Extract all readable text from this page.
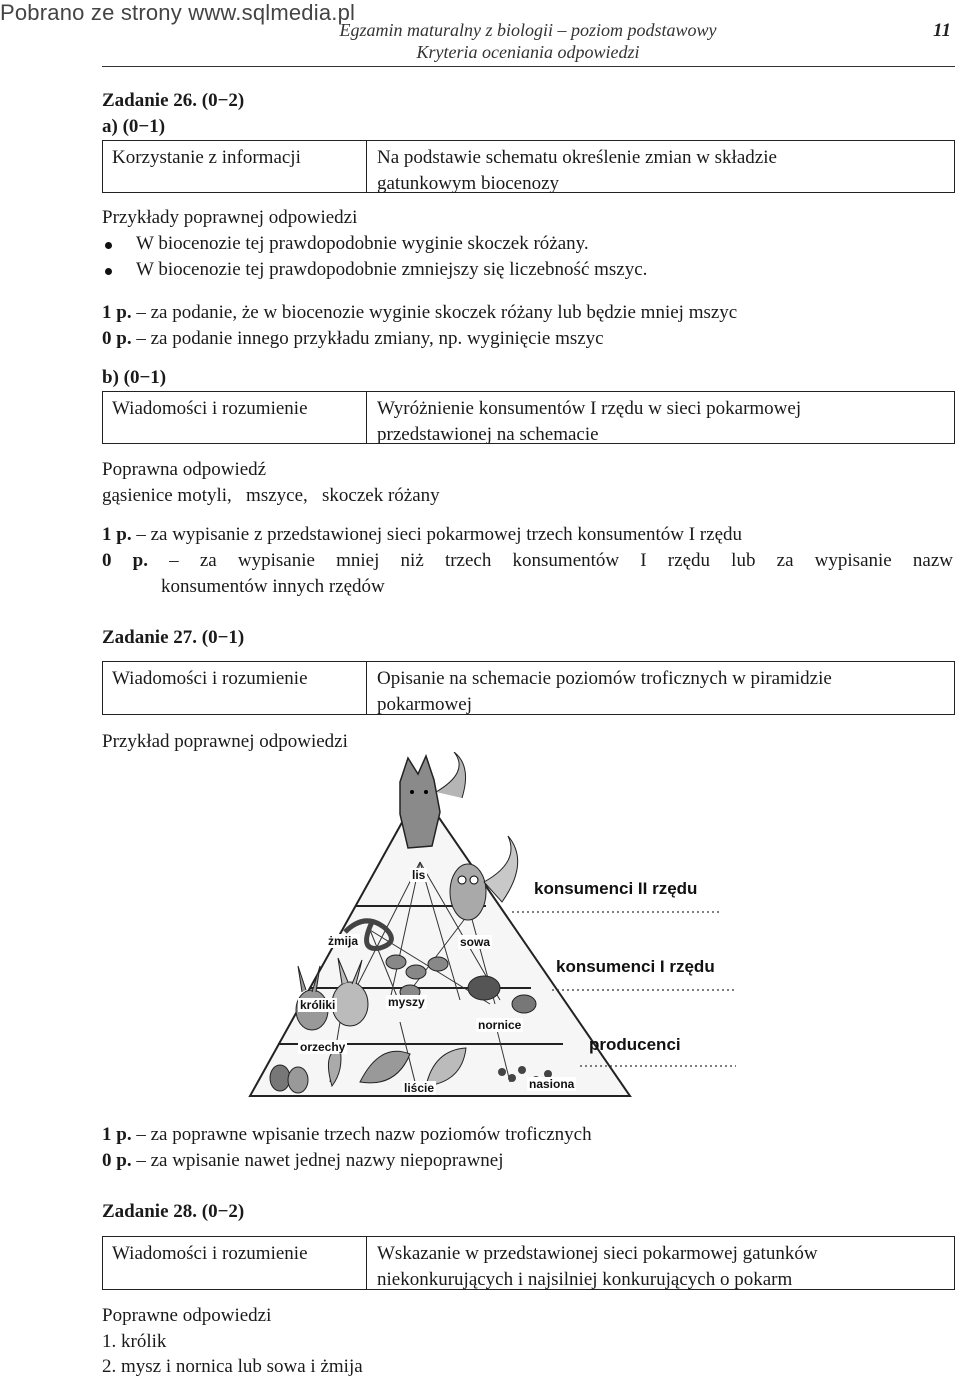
Pobrano ze strony www.sqlmedia.pl
Egzamin maturalny z biologii – poziom podstawowy
Kryteria oceniania odpowiedzi
11
Zadanie 26. (0−2)
a) (0−1)
Korzystanie z informacji	Na podstawie schematu określenie zmian w składzie
gatunkowym biocenozy
Przykłady poprawnej odpowiedzi
W biocenozie tej prawdopodobnie wyginie skoczek różany.
W biocenozie tej prawdopodobnie zmniejszy się liczebność mszyc.
1 p. – za podanie, że w biocenozie wyginie skoczek różany lub będzie mniej mszyc
0 p. – za podanie innego przykładu zmiany, np. wyginięcie mszyc
b) (0−1)
Wiadomości i rozumienie	Wyróżnienie konsumentów I rzędu w sieci pokarmowej
przedstawionej na schemacie
Poprawna odpowiedź
gąsienice motyli,   mszyce,   skoczek różany
1 p. – za wypisanie z przedstawionej sieci pokarmowej trzech konsumentów I rzędu
0 p. – za wypisanie mniej niż trzech konsumentów I rzędu lub za wypisanie nazw
konsumentów innych rzędów
Zadanie 27. (0−1)
Wiadomości i rozumienie	Opisanie na schemacie poziomów troficznych w piramidzie
pokarmowej
Przykład poprawnej odpowiedzi
konsumenci II rzędu
konsumenci I rzędu
producenci
lis
żmija	sowa
króliki	myszy
nornice
orzechy
liście	nasiona
1 p. – za poprawne wpisanie trzech nazw poziomów troficznych
0 p. – za wpisanie nawet jednej nazwy niepoprawnej
Zadanie 28. (0−2)
Wiadomości i rozumienie	Wskazanie w przedstawionej sieci pokarmowej gatunków
niekonkurujących i najsilniej konkurujących o pokarm
Poprawne odpowiedzi
1. królik
2. mysz i nornica lub sowa i żmija
